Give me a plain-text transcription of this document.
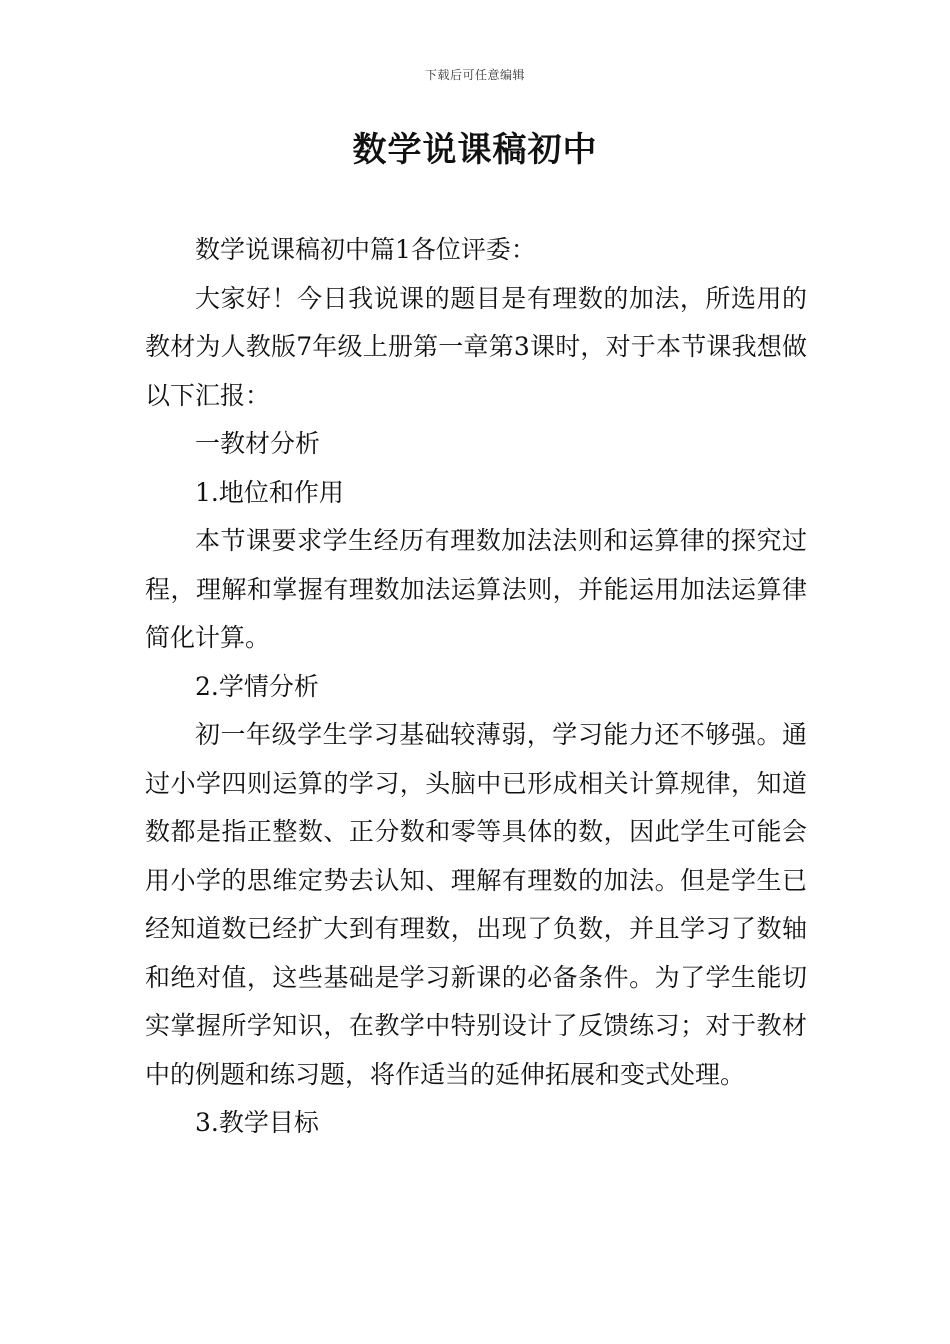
下载后可任意编辑
数学说课稿初中

数学说课稿初中篇1各位评委：

大家好！今日我说课的题目是有理数的加法，所选用的教材为人教版7年级上册第一章第3课时，对于本节课我想做以下汇报：

一教材分析

1.地位和作用

本节课要求学生经历有理数加法法则和运算律的探究过程，理解和掌握有理数加法运算法则，并能运用加法运算律简化计算。

2.学情分析

初一年级学生学习基础较薄弱，学习能力还不够强。通过小学四则运算的学习，头脑中已形成相关计算规律，知道数都是指正整数、正分数和零等具体的数，因此学生可能会用小学的思维定势去认知、理解有理数的加法。但是学生已经知道数已经扩大到有理数，出现了负数，并且学习了数轴和绝对值，这些基础是学习新课的必备条件。为了学生能切实掌握所学知识，在教学中特别设计了反馈练习；对于教材中的例题和练习题，将作适当的延伸拓展和变式处理。

3.教学目标
